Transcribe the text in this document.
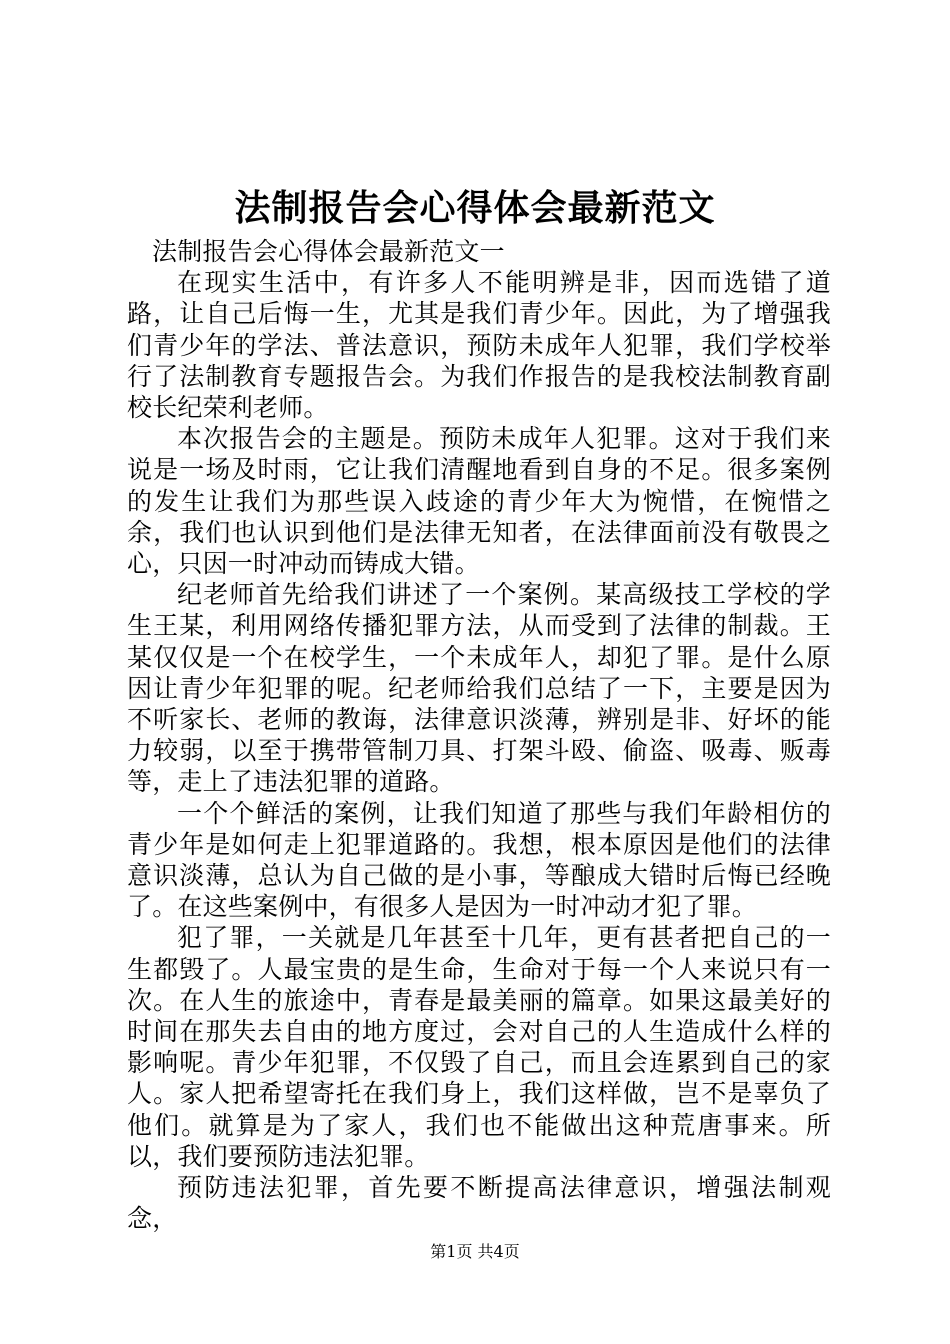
法制报告会心得体会最新范文

法制报告会心得体会最新范文一

在现实生活中，有许多人不能明辨是非，因而选错了道路，让自己后悔一生，尤其是我们青少年。因此，为了增强我们青少年的学法、普法意识，预防未成年人犯罪，我们学校举行了法制教育专题报告会。为我们作报告的是我校法制教育副校长纪荣利老师。

本次报告会的主题是。预防未成年人犯罪。这对于我们来说是一场及时雨，它让我们清醒地看到自身的不足。很多案例的发生让我们为那些误入歧途的青少年大为惋惜，在惋惜之余，我们也认识到他们是法律无知者，在法律面前没有敬畏之心，只因一时冲动而铸成大错。

纪老师首先给我们讲述了一个案例。某高级技工学校的学生王某，利用网络传播犯罪方法，从而受到了法律的制裁。王某仅仅是一个在校学生，一个未成年人，却犯了罪。是什么原因让青少年犯罪的呢。纪老师给我们总结了一下，主要是因为不听家长、老师的教诲，法律意识淡薄，辨别是非、好坏的能力较弱，以至于携带管制刀具、打架斗殴、偷盗、吸毒、贩毒等，走上了违法犯罪的道路。

一个个鲜活的案例，让我们知道了那些与我们年龄相仿的青少年是如何走上犯罪道路的。我想，根本原因是他们的法律意识淡薄，总认为自己做的是小事，等酿成大错时后悔已经晚了。在这些案例中，有很多人是因为一时冲动才犯了罪。

犯了罪，一关就是几年甚至十几年，更有甚者把自己的一生都毁了。人最宝贵的是生命，生命对于每一个人来说只有一次。在人生的旅途中，青春是最美丽的篇章。如果这最美好的时间在那失去自由的地方度过，会对自己的人生造成什么样的影响呢。青少年犯罪，不仅毁了自己，而且会连累到自己的家人。家人把希望寄托在我们身上，我们这样做，岂不是辜负了他们。就算是为了家人，我们也不能做出这种荒唐事来。所以，我们要预防违法犯罪。

预防违法犯罪，首先要不断提高法律意识，增强法制观念，

第1页 共4页
